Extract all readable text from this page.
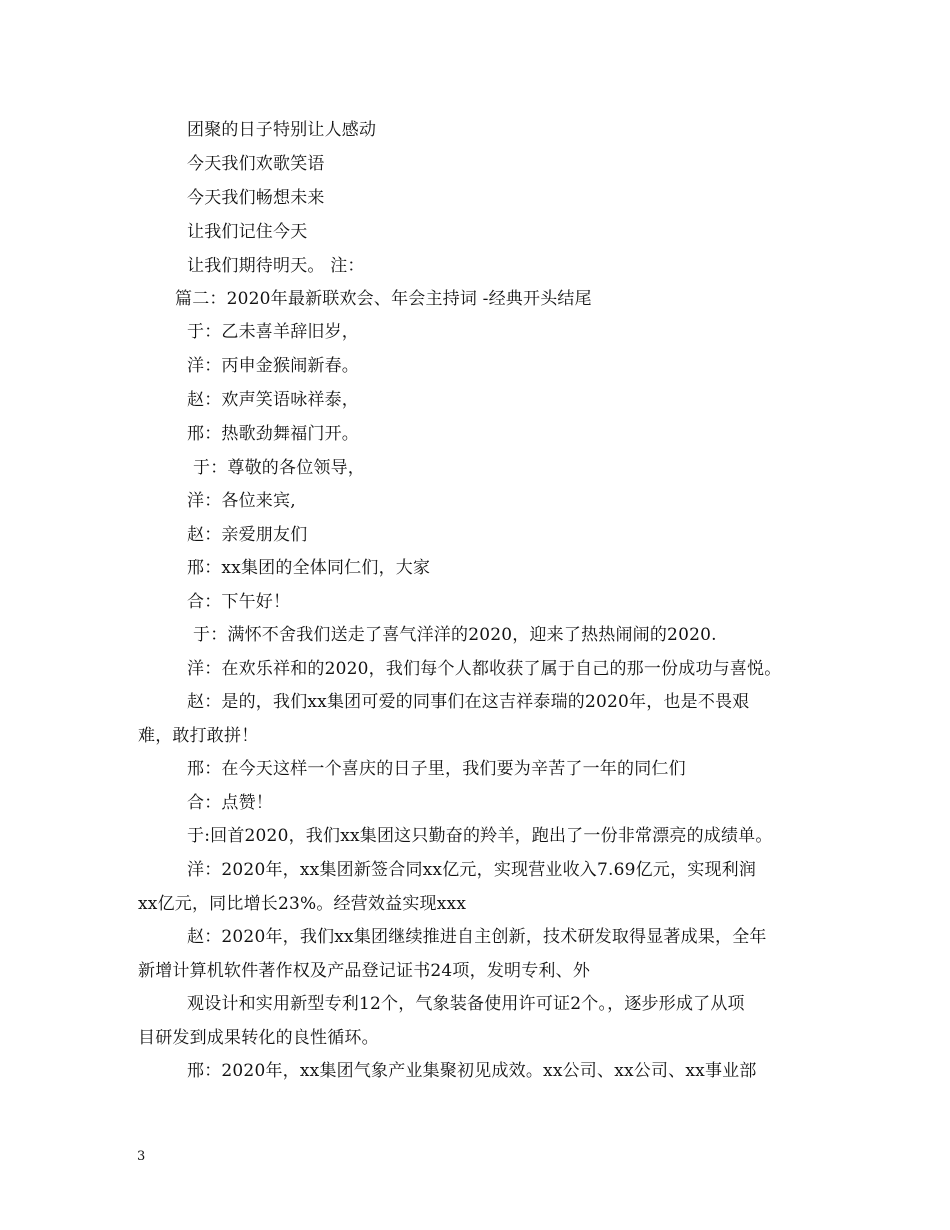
团聚的日子特别让人感动
今天我们欢歌笑语
今天我们畅想未来
让我们记住今天
让我们期待明天。 注：
篇二：2020年最新联欢会、年会主持词 -经典开头结尾
于：乙未喜羊辞旧岁，
洋：丙申金猴闹新春。
赵：欢声笑语咏祥泰，
邢：热歌劲舞福门开。
于：尊敬的各位领导，
洋：各位来宾,
赵：亲爱朋友们
邢：xx集团的全体同仁们，大家
合：下午好！
于：满怀不舍我们送走了喜气洋洋的2020，迎来了热热闹闹的2020.
洋：在欢乐祥和的2020，我们每个人都收获了属于自己的那一份成功与喜悦。
赵：是的，我们xx集团可爱的同事们在这吉祥泰瑞的2020年，也是不畏艰
难，敢打敢拼！
邢：在今天这样一个喜庆的日子里，我们要为辛苦了一年的同仁们
合：点赞！
于:回首2020，我们xx集团这只勤奋的羚羊，跑出了一份非常漂亮的成绩单。
洋：2020年，xx集团新签合同xx亿元，实现营业收入7.69亿元，实现利润
xx亿元，同比增长23%。经营效益实现xxx
赵：2020年，我们xx集团继续推进自主创新，技术研发取得显著成果，全年
新增计算机软件著作权及产品登记证书24项，发明专利、外
观设计和实用新型专利12个，气象装备使用许可证2个。，逐步形成了从项
目研发到成果转化的良性循环。
邢：2020年，xx集团气象产业集聚初见成效。xx公司、xx公司、xx事业部
3
